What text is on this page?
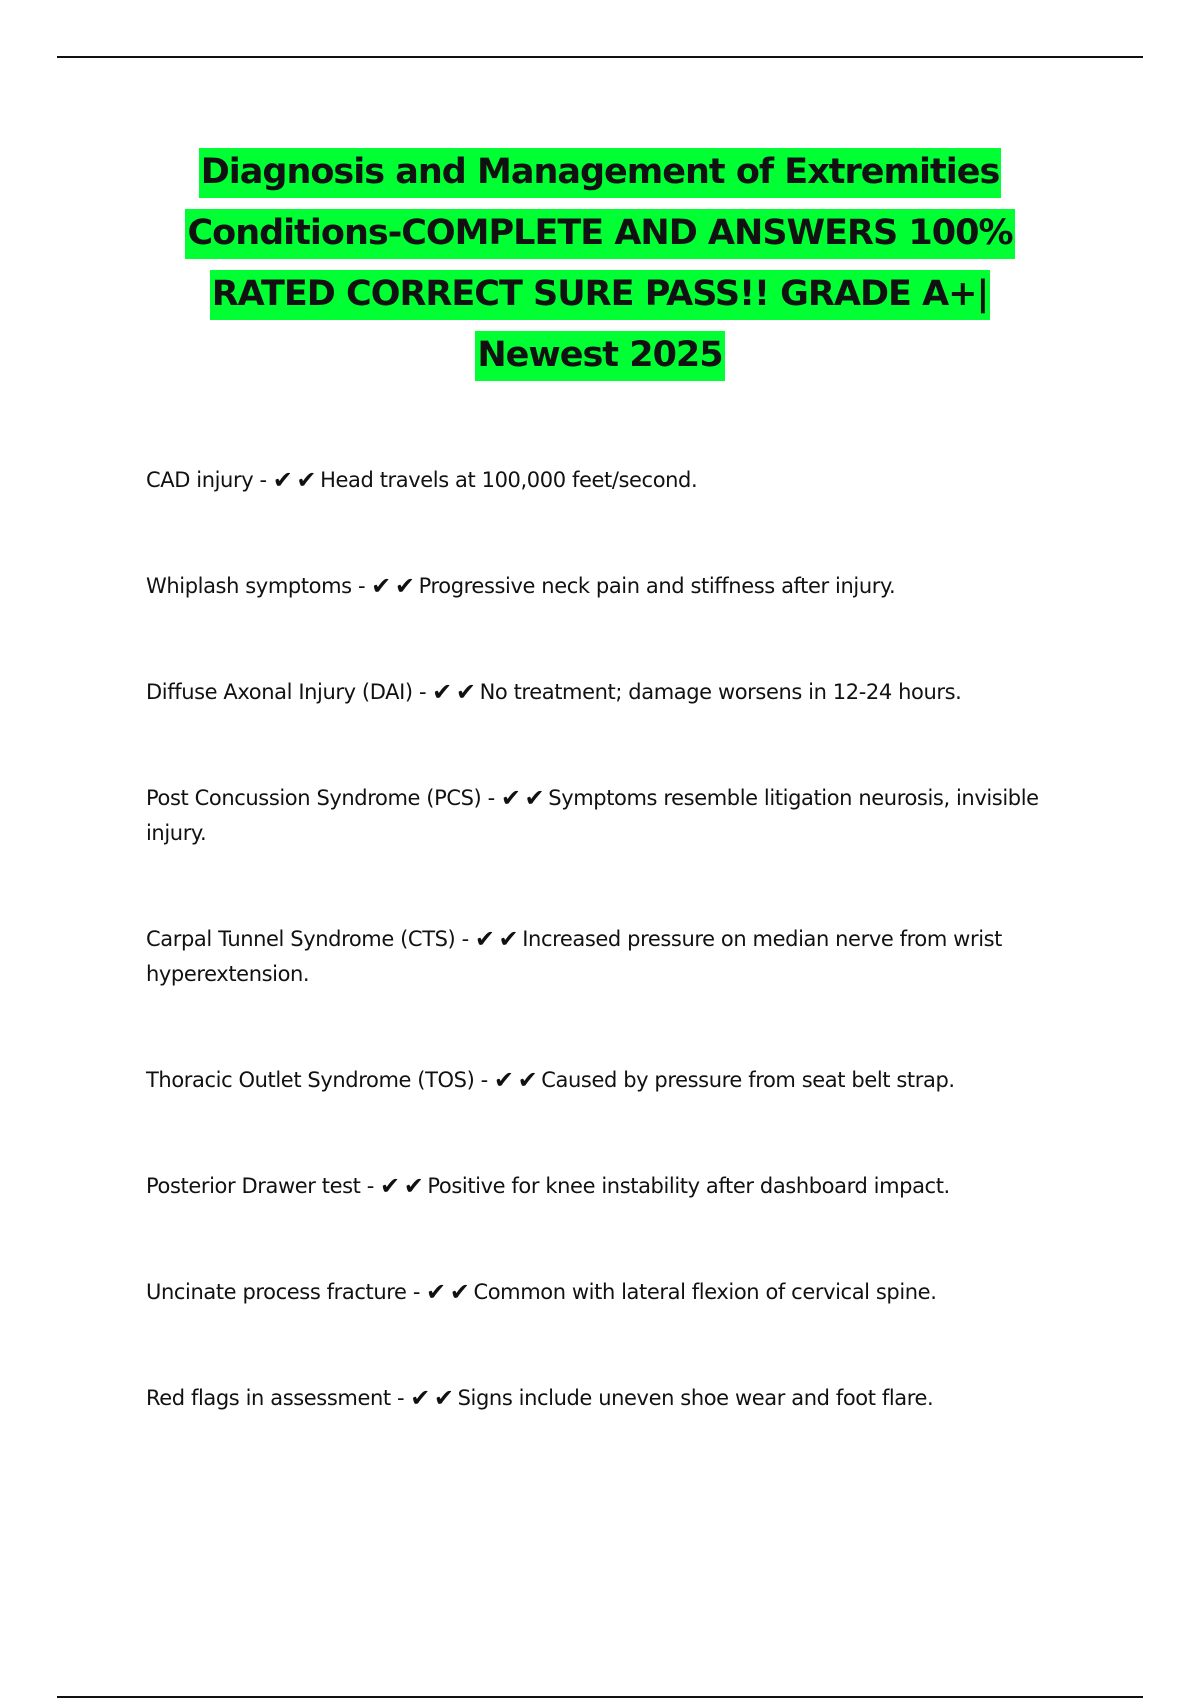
Diagnosis and Management of Extremities
Conditions-COMPLETE AND ANSWERS 100%
RATED CORRECT SURE PASS!! GRADE A+|
Newest 2025
CAD injury - ✔ ✔ Head travels at 100,000 feet/second.
Whiplash symptoms - ✔ ✔ Progressive neck pain and stiffness after injury.
Diffuse Axonal Injury (DAI) - ✔ ✔ No treatment; damage worsens in 12-24 hours.
Post Concussion Syndrome (PCS) - ✔ ✔ Symptoms resemble litigation neurosis, invisible injury.
Carpal Tunnel Syndrome (CTS) - ✔ ✔ Increased pressure on median nerve from wrist hyperextension.
Thoracic Outlet Syndrome (TOS) - ✔ ✔ Caused by pressure from seat belt strap.
Posterior Drawer test - ✔ ✔ Positive for knee instability after dashboard impact.
Uncinate process fracture - ✔ ✔ Common with lateral flexion of cervical spine.
Red flags in assessment - ✔ ✔ Signs include uneven shoe wear and foot flare.
